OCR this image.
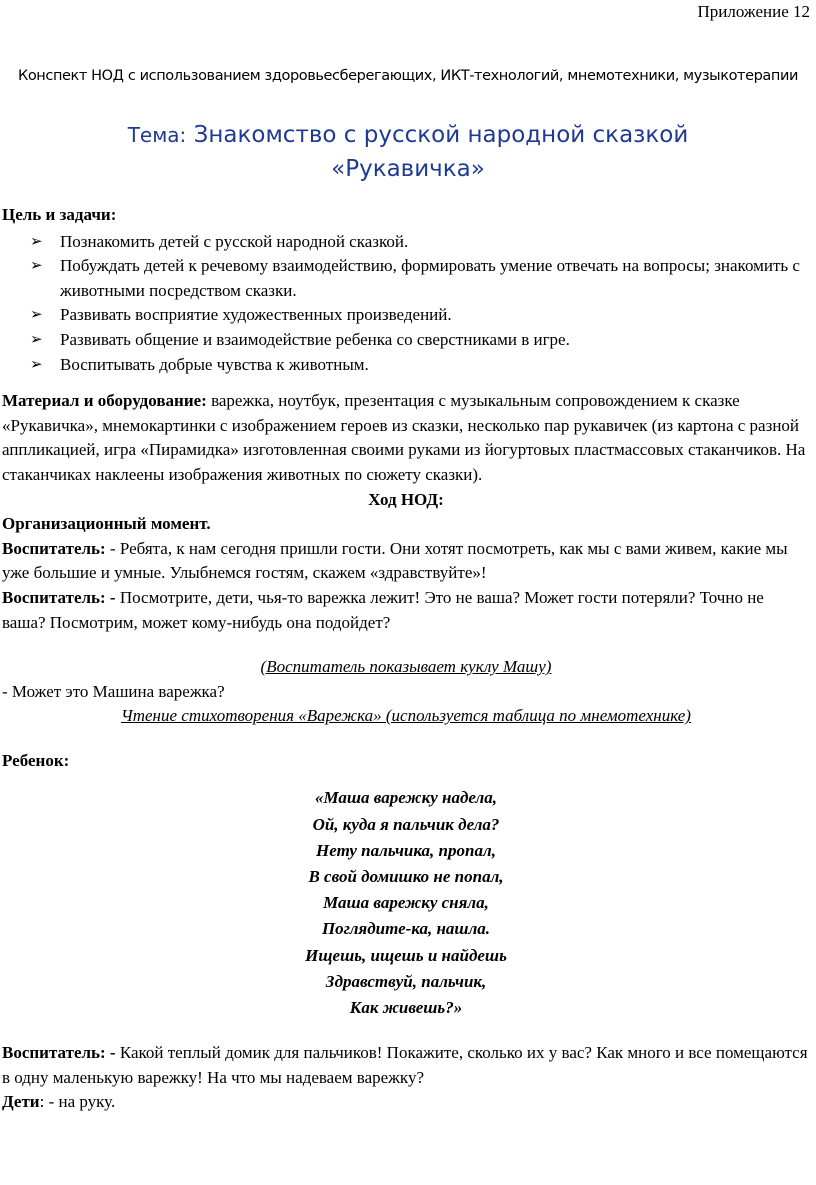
Приложение 12
Конспект НОД с использованием здоровьесберегающих, ИКТ-технологий, мнемотехники, музыкотерапии
Тема: Знакомство с русской народной сказкой
«Рукавичка»
Цель и задачи:
➢ Познакомить детей с русской народной сказкой.
➢ Побуждать детей к речевому взаимодействию, формировать умение отвечать на вопросы; знакомить с животными посредством сказки.
➢ Развивать восприятие художественных произведений.
➢ Развивать общение и взаимодействие ребенка со сверстниками в игре.
➢ Воспитывать добрые чувства к животным.
Материал и оборудование: варежка, ноутбук, презентация с музыкальным сопровождением к сказке «Рукавичка», мнемокартинки с изображением героев из сказки, несколько пар рукавичек (из картона с разной аппликацией, игра «Пирамидка» изготовленная своими руками из йогуртовых пластмассовых стаканчиков. На стаканчиках наклеены изображения животных по сюжету сказки).
Ход НОД:
Организационный момент.
Воспитатель: - Ребята, к нам сегодня пришли гости. Они хотят посмотреть, как мы с вами живем, какие мы уже большие и умные. Улыбнемся гостям, скажем «здравствуйте»!
Воспитатель: - Посмотрите, дети, чья-то варежка лежит! Это не ваша? Может гости потеряли? Точно не ваша? Посмотрим, может кому-нибудь она подойдет?
(Воспитатель показывает куклу Машу)
- Может это Машина варежка?
Чтение стихотворения «Варежка» (используется таблица по мнемотехнике)
Ребенок:
«Маша варежку надела,
Ой, куда я пальчик дела?
Нету пальчика, пропал,
В свой домишко не попал,
Маша варежку сняла,
Поглядите-ка, нашла.
Ищешь, ищешь и найдешь
Здравствуй, пальчик,
Как живешь?»
Воспитатель: - Какой теплый домик для пальчиков! Покажите, сколько их у вас? Как много и все помещаются в одну маленькую варежку! На что мы надеваем варежку?
Дети: - на руку.
